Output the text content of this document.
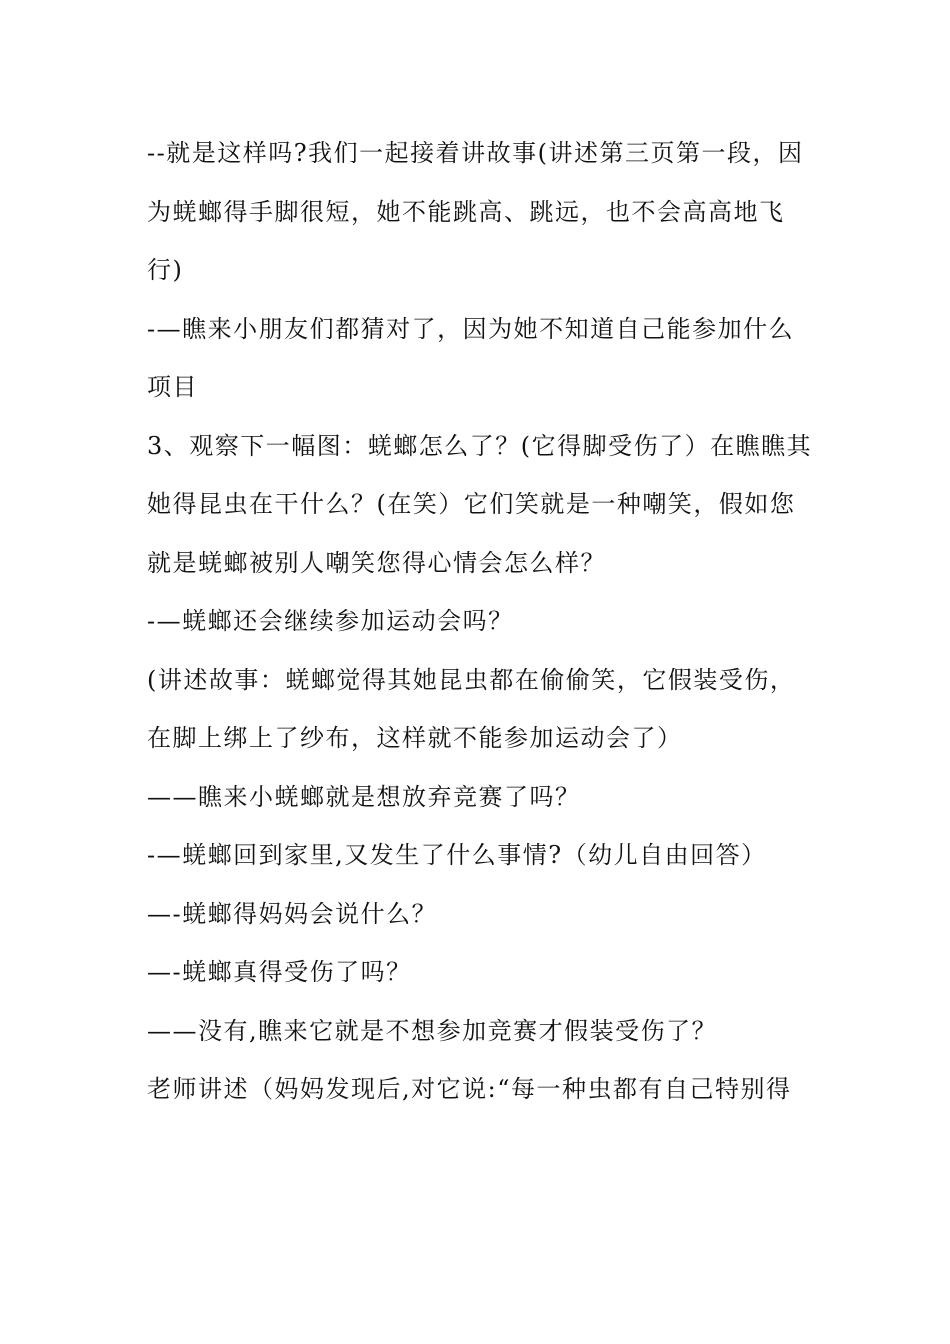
--就是这样吗?我们一起接着讲故事(讲述第三页第一段，因
为蜣螂得手脚很短，她不能跳高、跳远，也不会高高地飞
行)
-—瞧来小朋友们都猜对了，因为她不知道自己能参加什么
项目
3、观察下一幅图：蜣螂怎么了？(它得脚受伤了）在瞧瞧其
她得昆虫在干什么？(在笑）它们笑就是一种嘲笑，假如您
就是蜣螂被别人嘲笑您得心情会怎么样？
-—蜣螂还会继续参加运动会吗？
(讲述故事：蜣螂觉得其她昆虫都在偷偷笑，它假装受伤，
在脚上绑上了纱布，这样就不能参加运动会了）
——瞧来小蜣螂就是想放弃竞赛了吗？
-—蜣螂回到家里,又发生了什么事情?（幼儿自由回答）
—-蜣螂得妈妈会说什么？
—-蜣螂真得受伤了吗？
——没有,瞧来它就是不想参加竞赛才假装受伤了？
老师讲述（妈妈发现后,对它说:“每一种虫都有自己特别得
